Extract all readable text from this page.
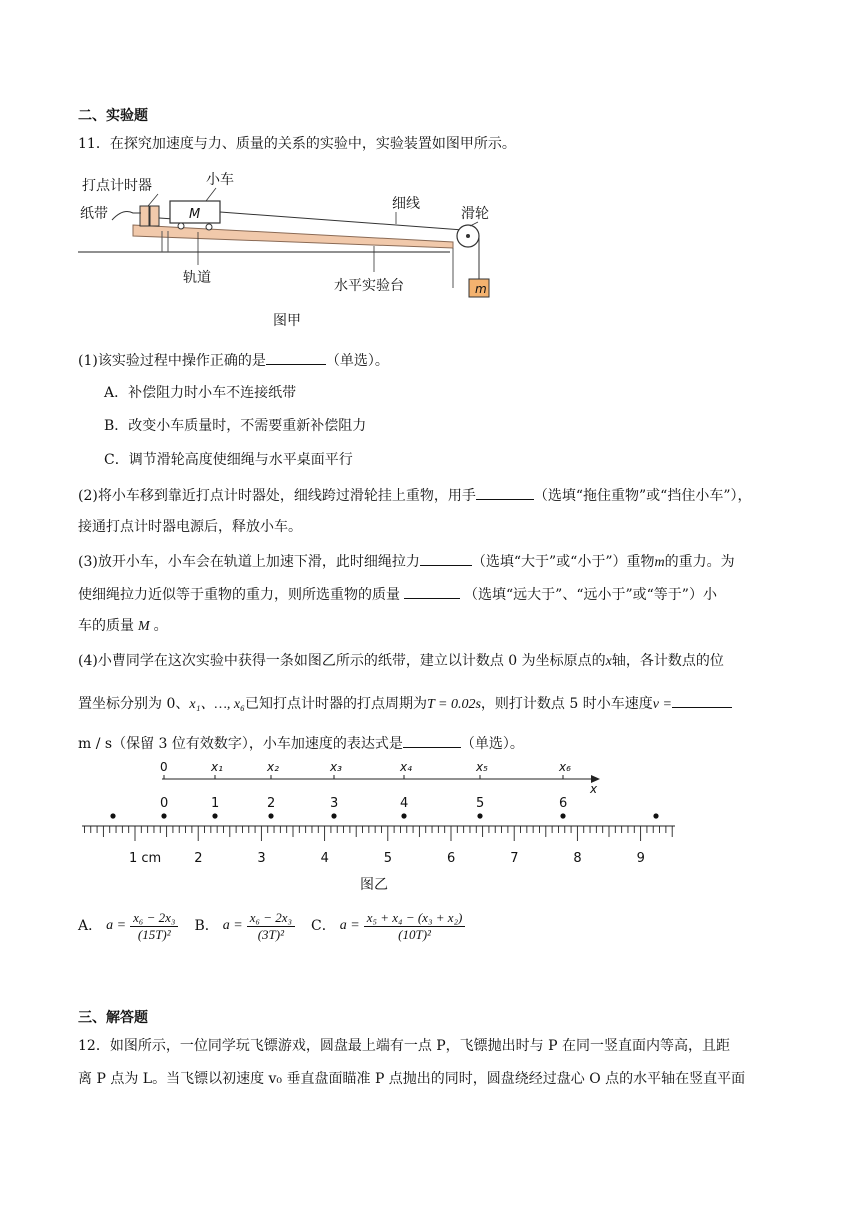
二、实验题
11．在探究加速度与力、质量的关系的实验中，实验装置如图甲所示。
打点计时器	小车
纸带	M
细线
滑轮
轨道	水平实验台	m
图甲
(1)该实验过程中操作正确的是	（单选）。
A．补偿阻力时小车不连接纸带
B．改变小车质量时，不需要重新补偿阻力
C．调节滑轮高度使细绳与水平桌面平行
(2)将小车移到靠近打点计时器处，细线跨过滑轮挂上重物，用手	（选填“拖住重物”或“挡住小车”），
接通打点计时器电源后，释放小车。
(3)放开小车，小车会在轨道上加速下滑，此时细绳拉力	（选填“大于”或“小于”）重物m的重力。为
使细绳拉力近似等于重物的重力，则所选重物的质量	（选填“远大于”、“远小于”或“等于”）小
车的质量 M 。
(4)小曹同学在这次实验中获得一条如图乙所示的纸带，建立以计数点 0 为坐标原点的x轴，各计数点的位
置坐标分别为 0、x₁、…, x₆已知打点计时器的打点周期为T = 0.02s，则打计数点 5 时小车速度v =
m / s（保留 3 位有效数字），小车加速度的表达式是	（单选）。
x
0	x₁	x₂	x₃	x₄	x₅	x₆
0	1	2	3	4	5	6
1 cm	2	3	4	5	6	7	8	9
图乙
A． $a = \frac{\text{x₆ − 2x₃}}{\text{(15T)²}}$ B． $a = \frac{\text{x₆ − 2x₃}}{\text{(3T)²}}$ C． $a = \frac{\text{x₅ + x₄ − (x₃ + x₂)}}{\text{(10T)²}}$
三、解答题
12．如图所示，一位同学玩飞镖游戏，圆盘最上端有一点 P，飞镖抛出时与 P 在同一竖直面内等高，且距
离 P 点为 L。当飞镖以初速度 v₀ 垂直盘面瞄准 P 点抛出的同时，圆盘绕经过盘心 O 点的水平轴在竖直平面
